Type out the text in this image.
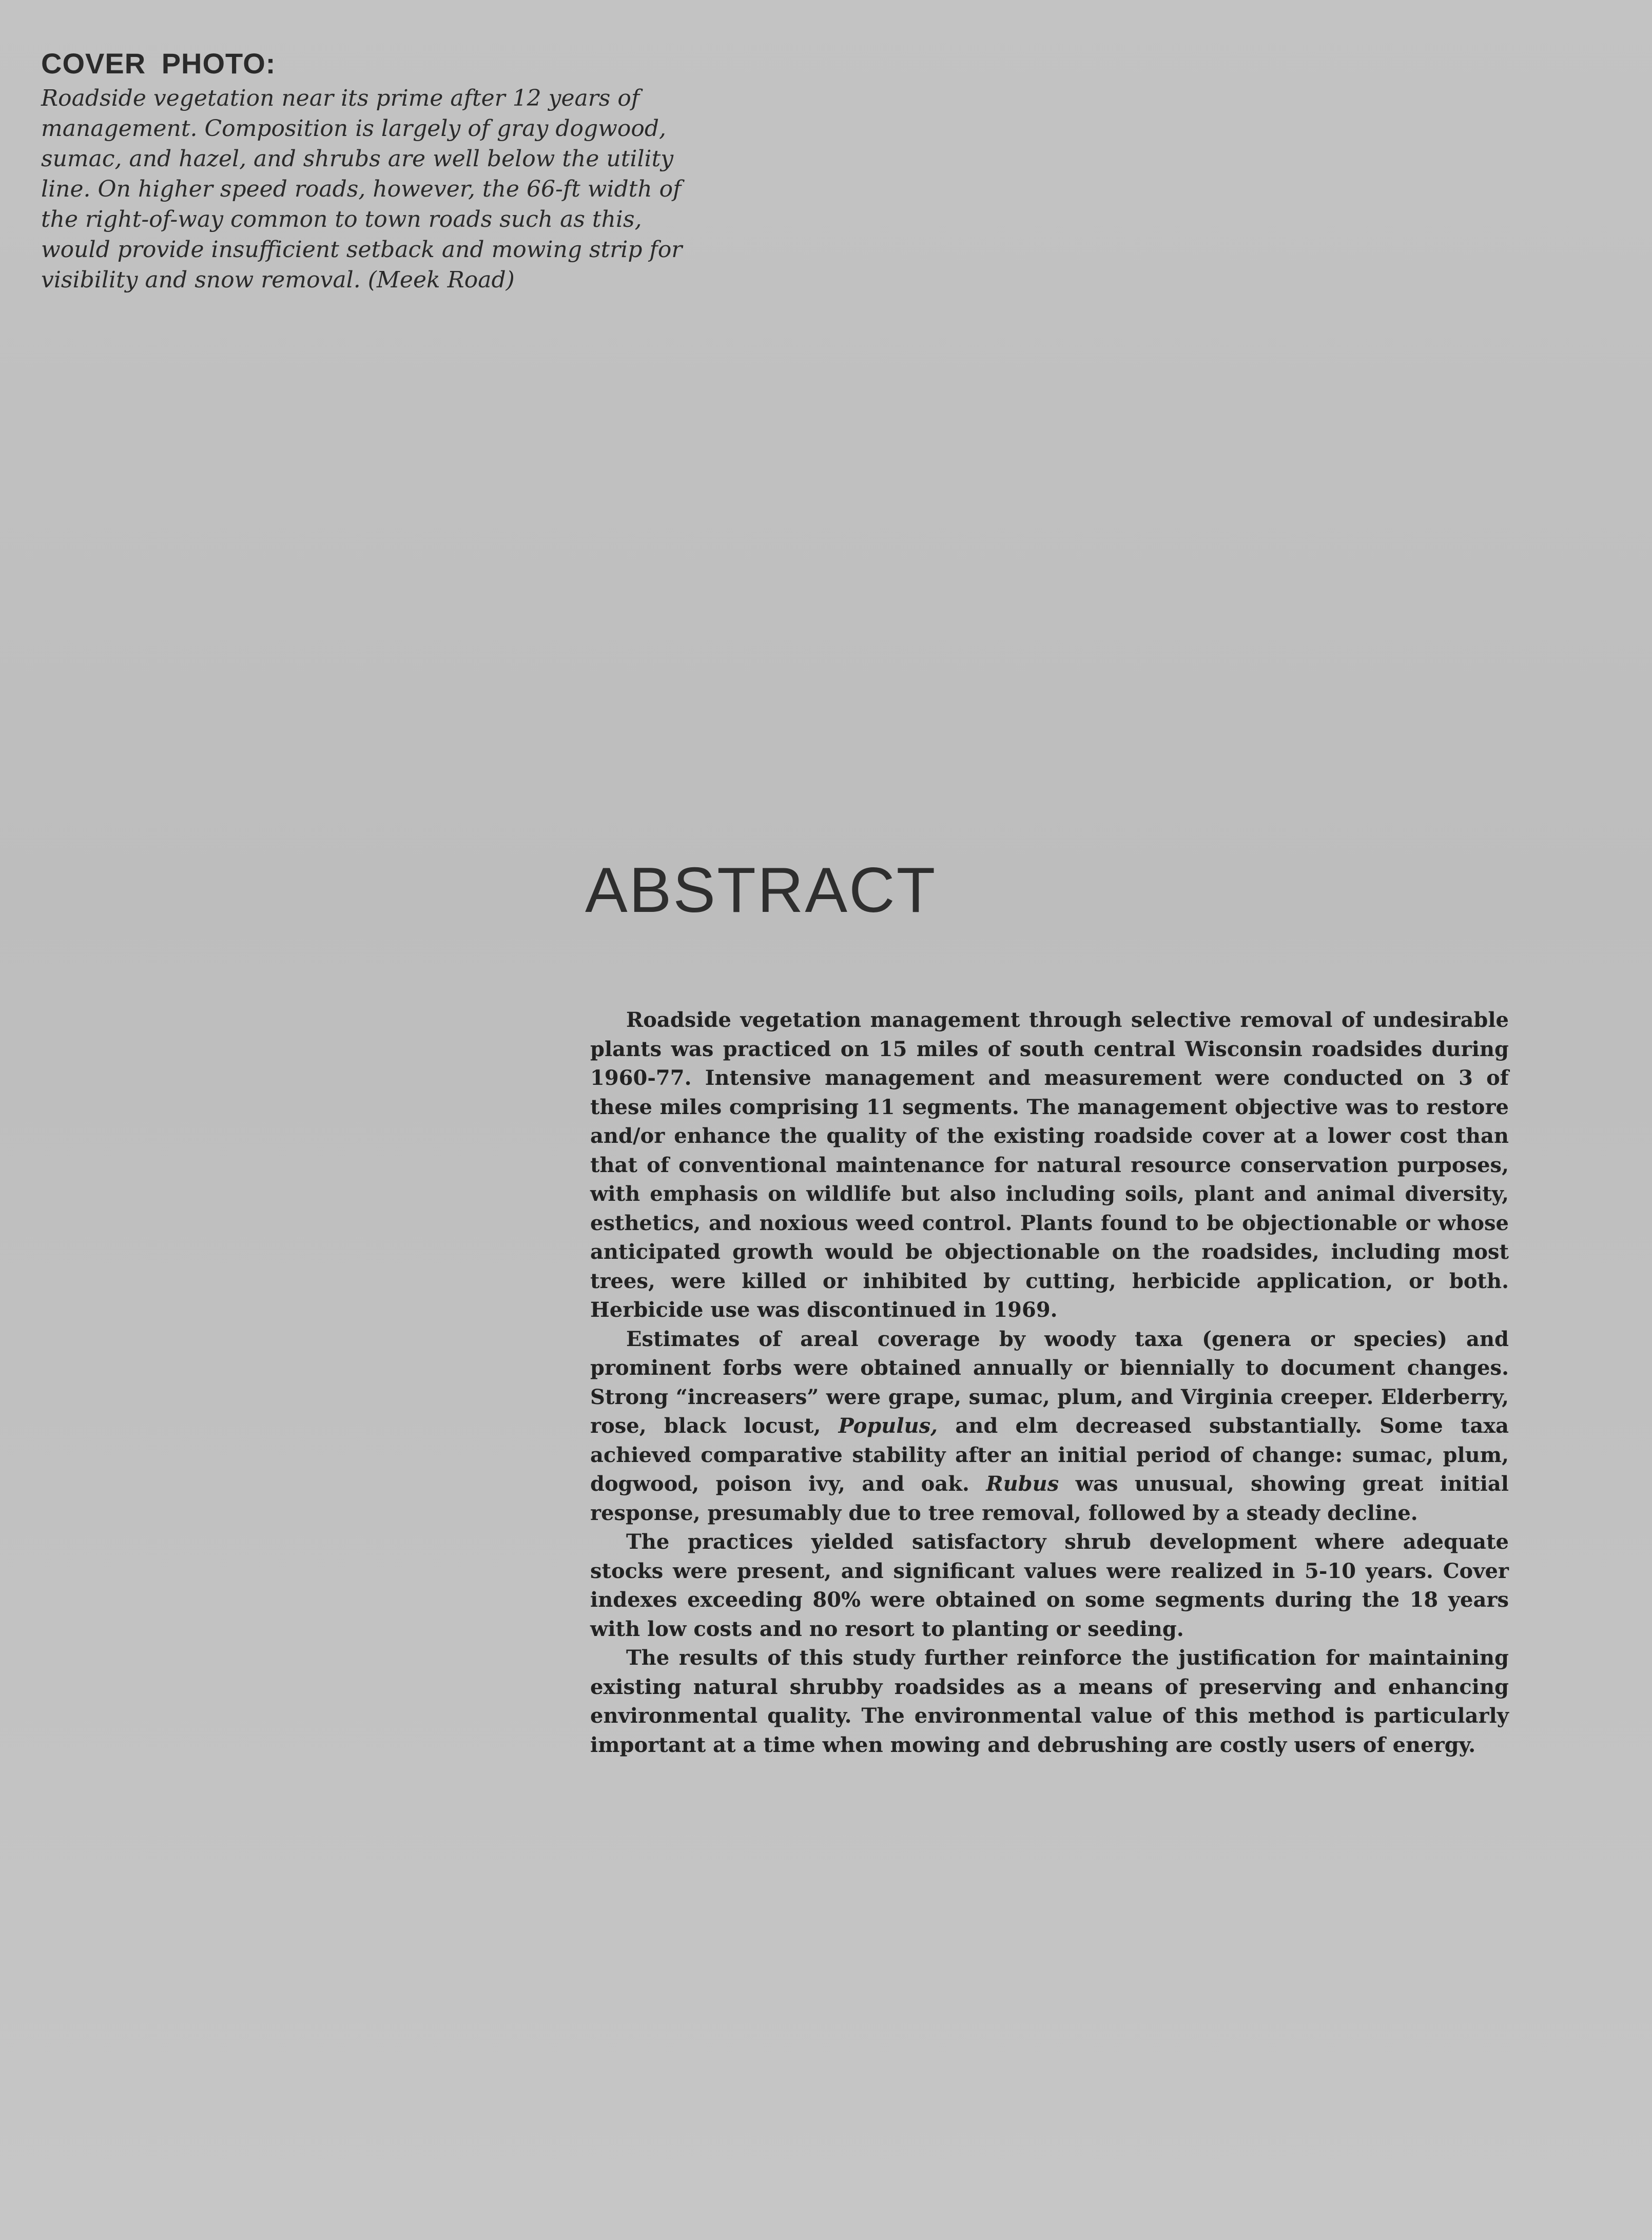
COVER PHOTO:

Roadside vegetation near its prime after 12 years of management. Composition is largely of gray dogwood, sumac, and hazel, and shrubs are well below the utility line. On higher speed roads, however, the 66-ft width of the right-of-way common to town roads such as this, would provide insufficient setback and mowing strip for visibility and snow removal. (Meek Road)

ABSTRACT

Roadside vegetation management through selective removal of undesirable plants was practiced on 15 miles of south central Wisconsin roadsides during 1960-77. Intensive management and measurement were conducted on 3 of these miles comprising 11 segments. The management objective was to restore and/or enhance the quality of the existing roadside cover at a lower cost than that of conventional maintenance for natural resource conservation purposes, with emphasis on wildlife but also including soils, plant and animal diversity, esthetics, and noxious weed control. Plants found to be objectionable or whose anticipated growth would be objectionable on the roadsides, including most trees, were killed or inhibited by cutting, herbicide application, or both. Herbicide use was discontinued in 1969.

Estimates of areal coverage by woody taxa (genera or species) and prominent forbs were obtained annually or biennially to document changes. Strong “increasers” were grape, sumac, plum, and Virginia creeper. Elderberry, rose, black locust, Populus, and elm decreased substantially. Some taxa achieved comparative stability after an initial period of change: sumac, plum, dogwood, poison ivy, and oak. Rubus was unusual, showing great initial response, presumably due to tree removal, followed by a steady decline.

The practices yielded satisfactory shrub development where adequate stocks were present, and significant values were realized in 5-10 years. Cover indexes exceeding 80% were obtained on some segments during the 18 years with low costs and no resort to planting or seeding.

The results of this study further reinforce the justification for maintaining existing natural shrubby roadsides as a means of preserving and enhancing environmental quality. The environmental value of this method is particularly important at a time when mowing and debrushing are costly users of energy.
